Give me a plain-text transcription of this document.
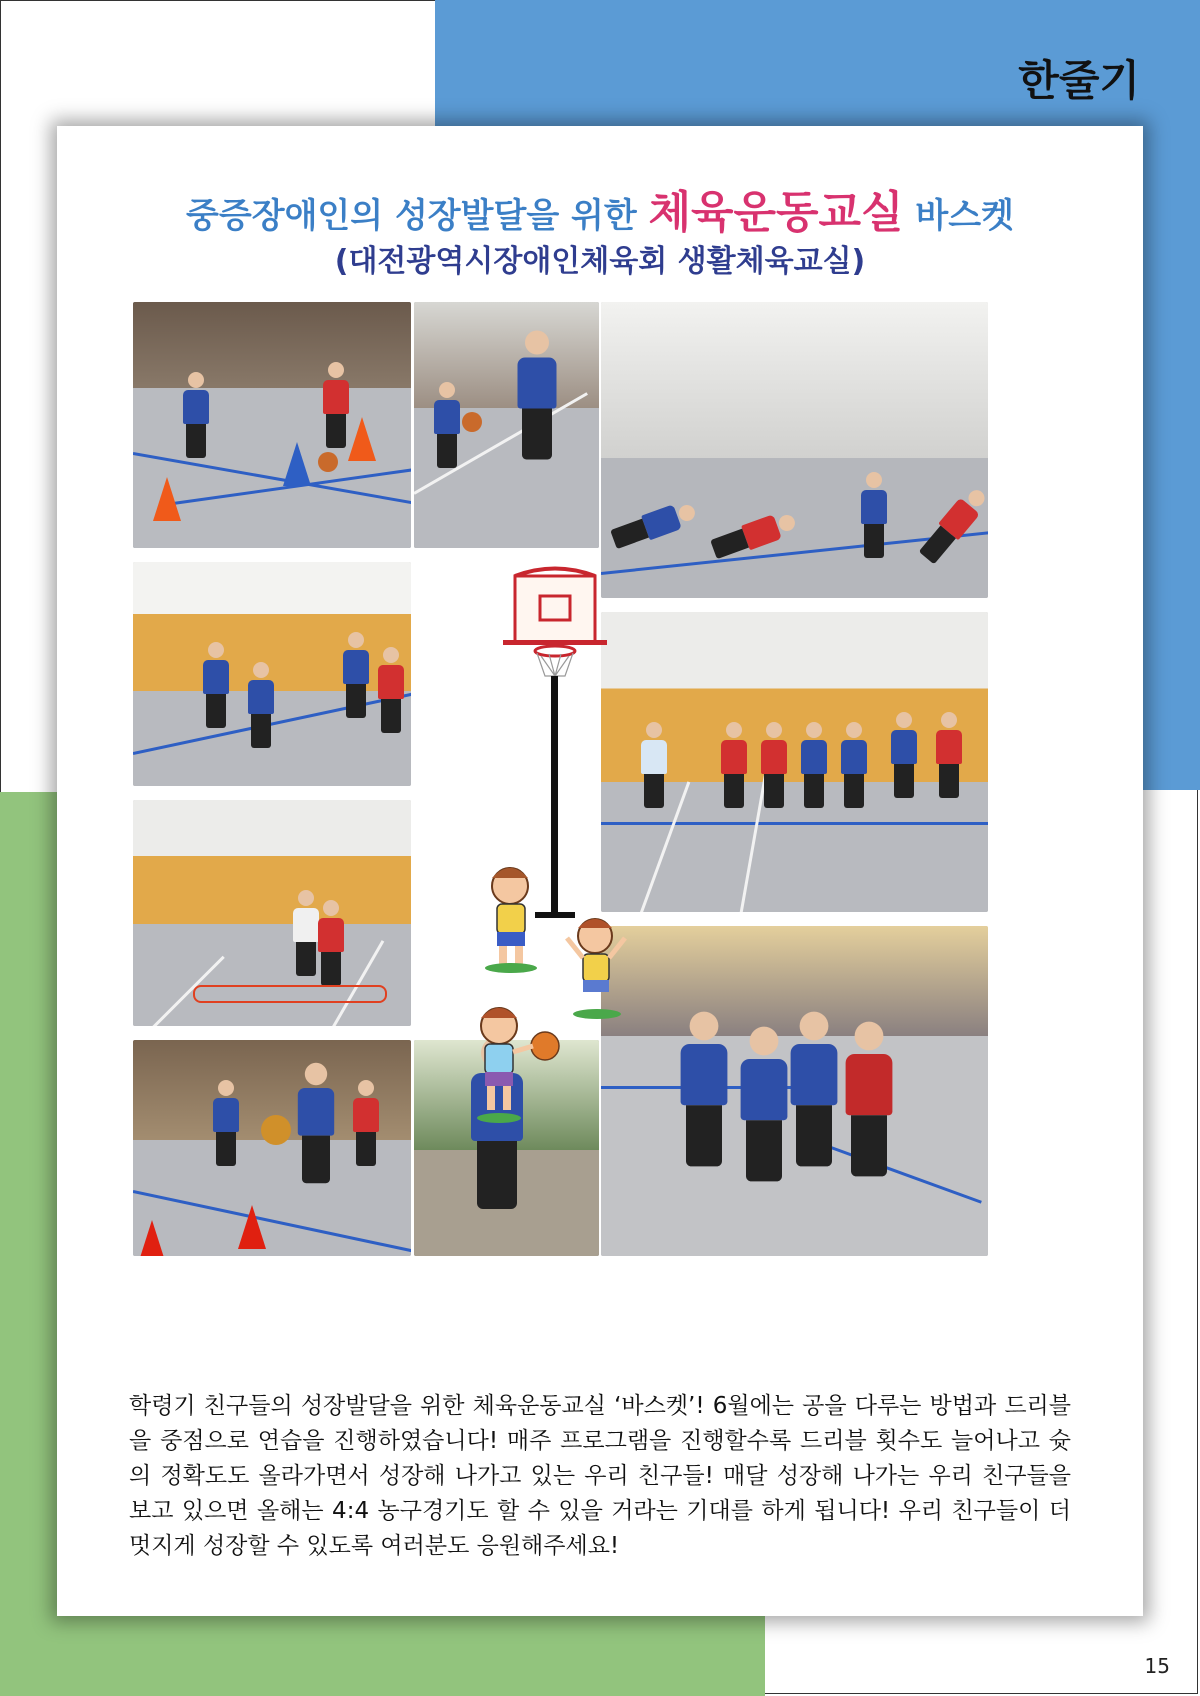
한줄기
중증장애인의 성장발달을 위한 체육운동교실 바스켓
(대전광역시장애인체육회 생활체육교실)

학령기 친구들의 성장발달을 위한 체육운동교실 ‘바스켓’! 6월에는 공을 다루는 방법과 드리블을 중점으로 연습을 진행하였습니다! 매주 프로그램을 진행할수록 드리블 횟수도 늘어나고 슛의 정확도도 올라가면서 성장해 나가고 있는 우리 친구들! 매달 성장해 나가는 우리 친구들을 보고 있으면 올해는 4:4 농구경기도 할 수 있을 거라는 기대를 하게 됩니다! 우리 친구들이 더 멋지게 성장할 수 있도록 여러분도 응원해주세요!

15
